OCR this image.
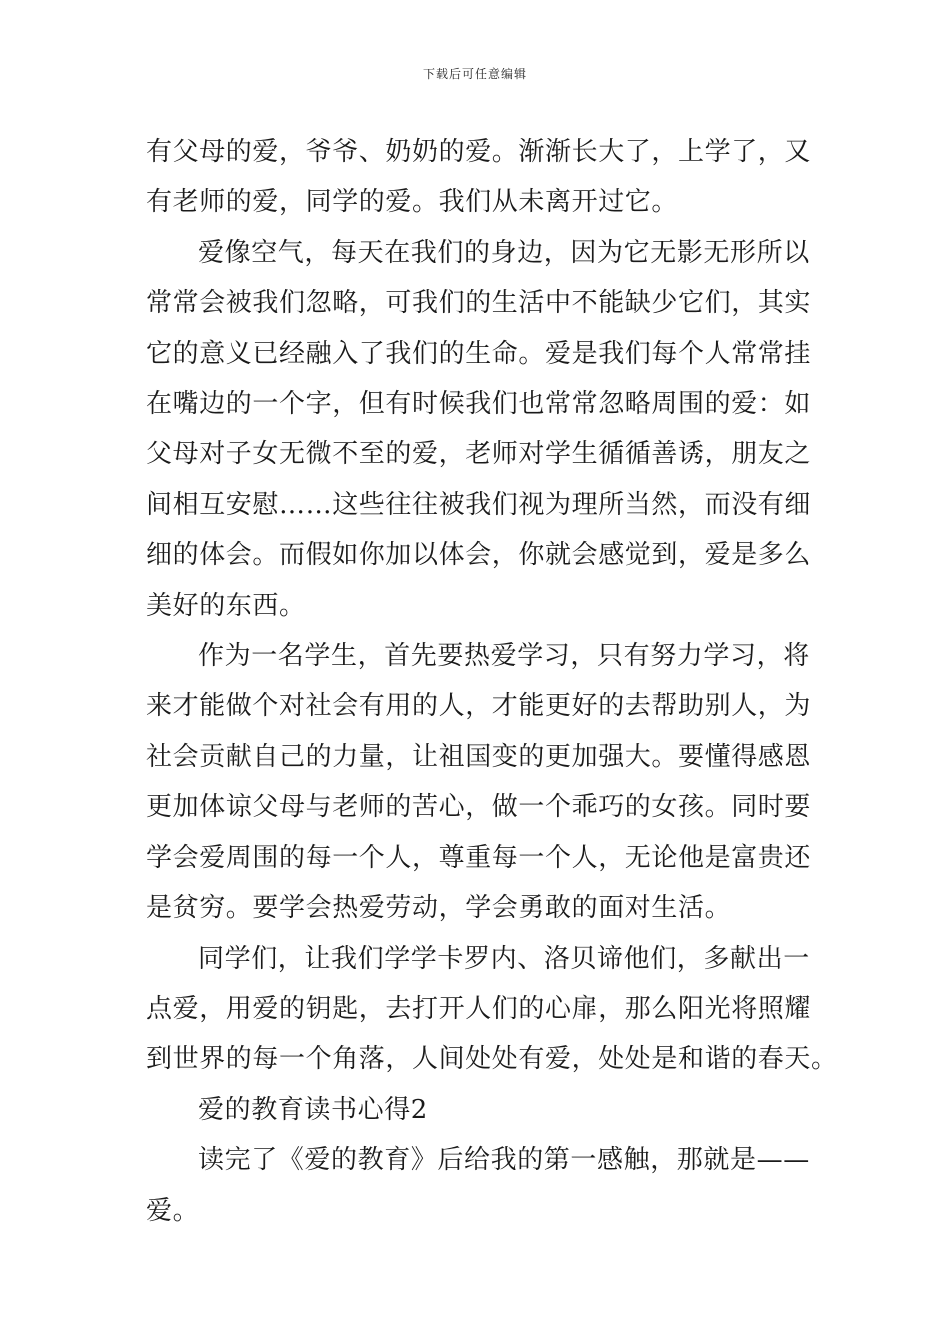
下载后可任意编辑
有父母的爱，爷爷、奶奶的爱。渐渐长大了，上学了，又
有老师的爱，同学的爱。我们从未离开过它。
爱像空气，每天在我们的身边，因为它无影无形所以
常常会被我们忽略，可我们的生活中不能缺少它们，其实
它的意义已经融入了我们的生命。爱是我们每个人常常挂
在嘴边的一个字，但有时候我们也常常忽略周围的爱：如
父母对子女无微不至的爱，老师对学生循循善诱，朋友之
间相互安慰……这些往往被我们视为理所当然，而没有细
细的体会。而假如你加以体会，你就会感觉到，爱是多么
美好的东西。
作为一名学生，首先要热爱学习，只有努力学习，将
来才能做个对社会有用的人，才能更好的去帮助别人，为
社会贡献自己的力量，让祖国变的更加强大。要懂得感恩
更加体谅父母与老师的苦心，做一个乖巧的女孩。同时要
学会爱周围的每一个人，尊重每一个人，无论他是富贵还
是贫穷。要学会热爱劳动，学会勇敢的面对生活。
同学们，让我们学学卡罗内、洛贝谛他们，多献出一
点爱，用爱的钥匙，去打开人们的心扉，那么阳光将照耀
到世界的每一个角落，人间处处有爱，处处是和谐的春天。
爱的教育读书心得2
读完了《爱的教育》后给我的第一感触，那就是——
爱。
